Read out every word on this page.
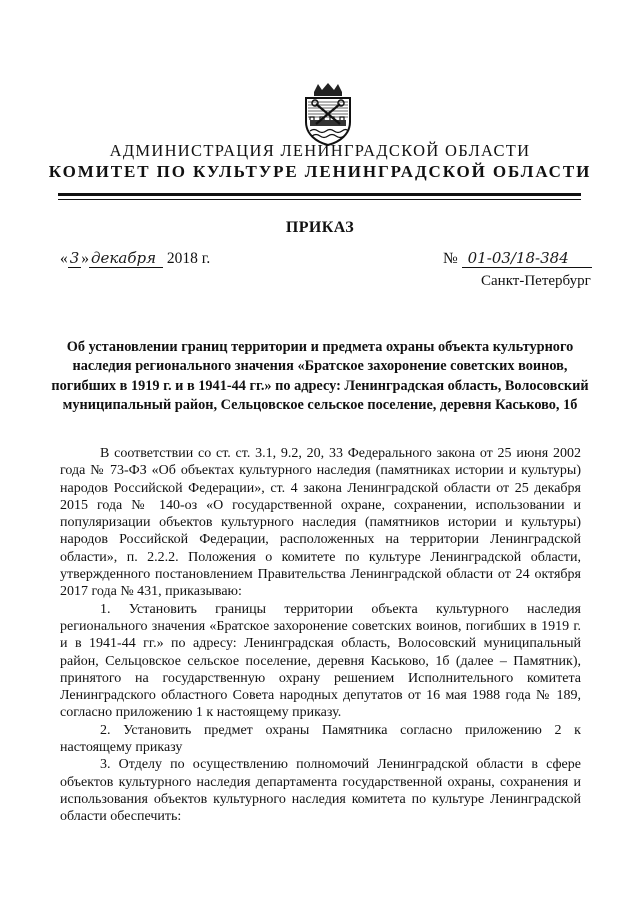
АДМИНИСТРАЦИЯ ЛЕНИНГРАДСКОЙ ОБЛАСТИ
КОМИТЕТ ПО КУЛЬТУРЕ ЛЕНИНГРАДСКОЙ ОБЛАСТИ
ПРИКАЗ
« 3 » декабря 2018 г.	№ 01-03/18-384
Санкт-Петербург
Об установлении границ территории и предмета охраны объекта культурного наследия регионального значения «Братское захоронение советских воинов, погибших в 1919 г. и в 1941-44 гг.» по адресу: Ленинградская область, Волосовский муниципальный район, Сельцовское сельское поселение, деревня Каськово, 1б

В соответствии со ст. ст. 3.1, 9.2, 20, 33 Федерального закона от 25 июня 2002 года № 73-ФЗ «Об объектах культурного наследия (памятниках истории и культуры) народов Российской Федерации», ст. 4 закона Ленинградской области от 25 декабря 2015 года № 140-оз «О государственной охране, сохранении, использовании и популяризации объектов культурного наследия (памятников истории и культуры) народов Российской Федерации, расположенных на территории Ленинградской области», п. 2.2.2. Положения о комитете по культуре Ленинградской области, утвержденного постановлением Правительства Ленинградской области от 24 октября 2017 года № 431, приказываю:

1. Установить границы территории объекта культурного наследия регионального значения «Братское захоронение советских воинов, погибших в 1919 г. и в 1941-44 гг.» по адресу: Ленинградская область, Волосовский муниципальный район, Сельцовское сельское поселение, деревня Каськово, 1б (далее – Памятник), принятого на государственную охрану решением Исполнительного комитета Ленинградского областного Совета народных депутатов от 16 мая 1988 года № 189, согласно приложению 1 к настоящему приказу.

2. Установить предмет охраны Памятника согласно приложению 2 к настоящему приказу

3. Отделу по осуществлению полномочий Ленинградской области в сфере объектов культурного наследия департамента государственной охраны, сохранения и использования объектов культурного наследия комитета по культуре Ленинградской области обеспечить:
